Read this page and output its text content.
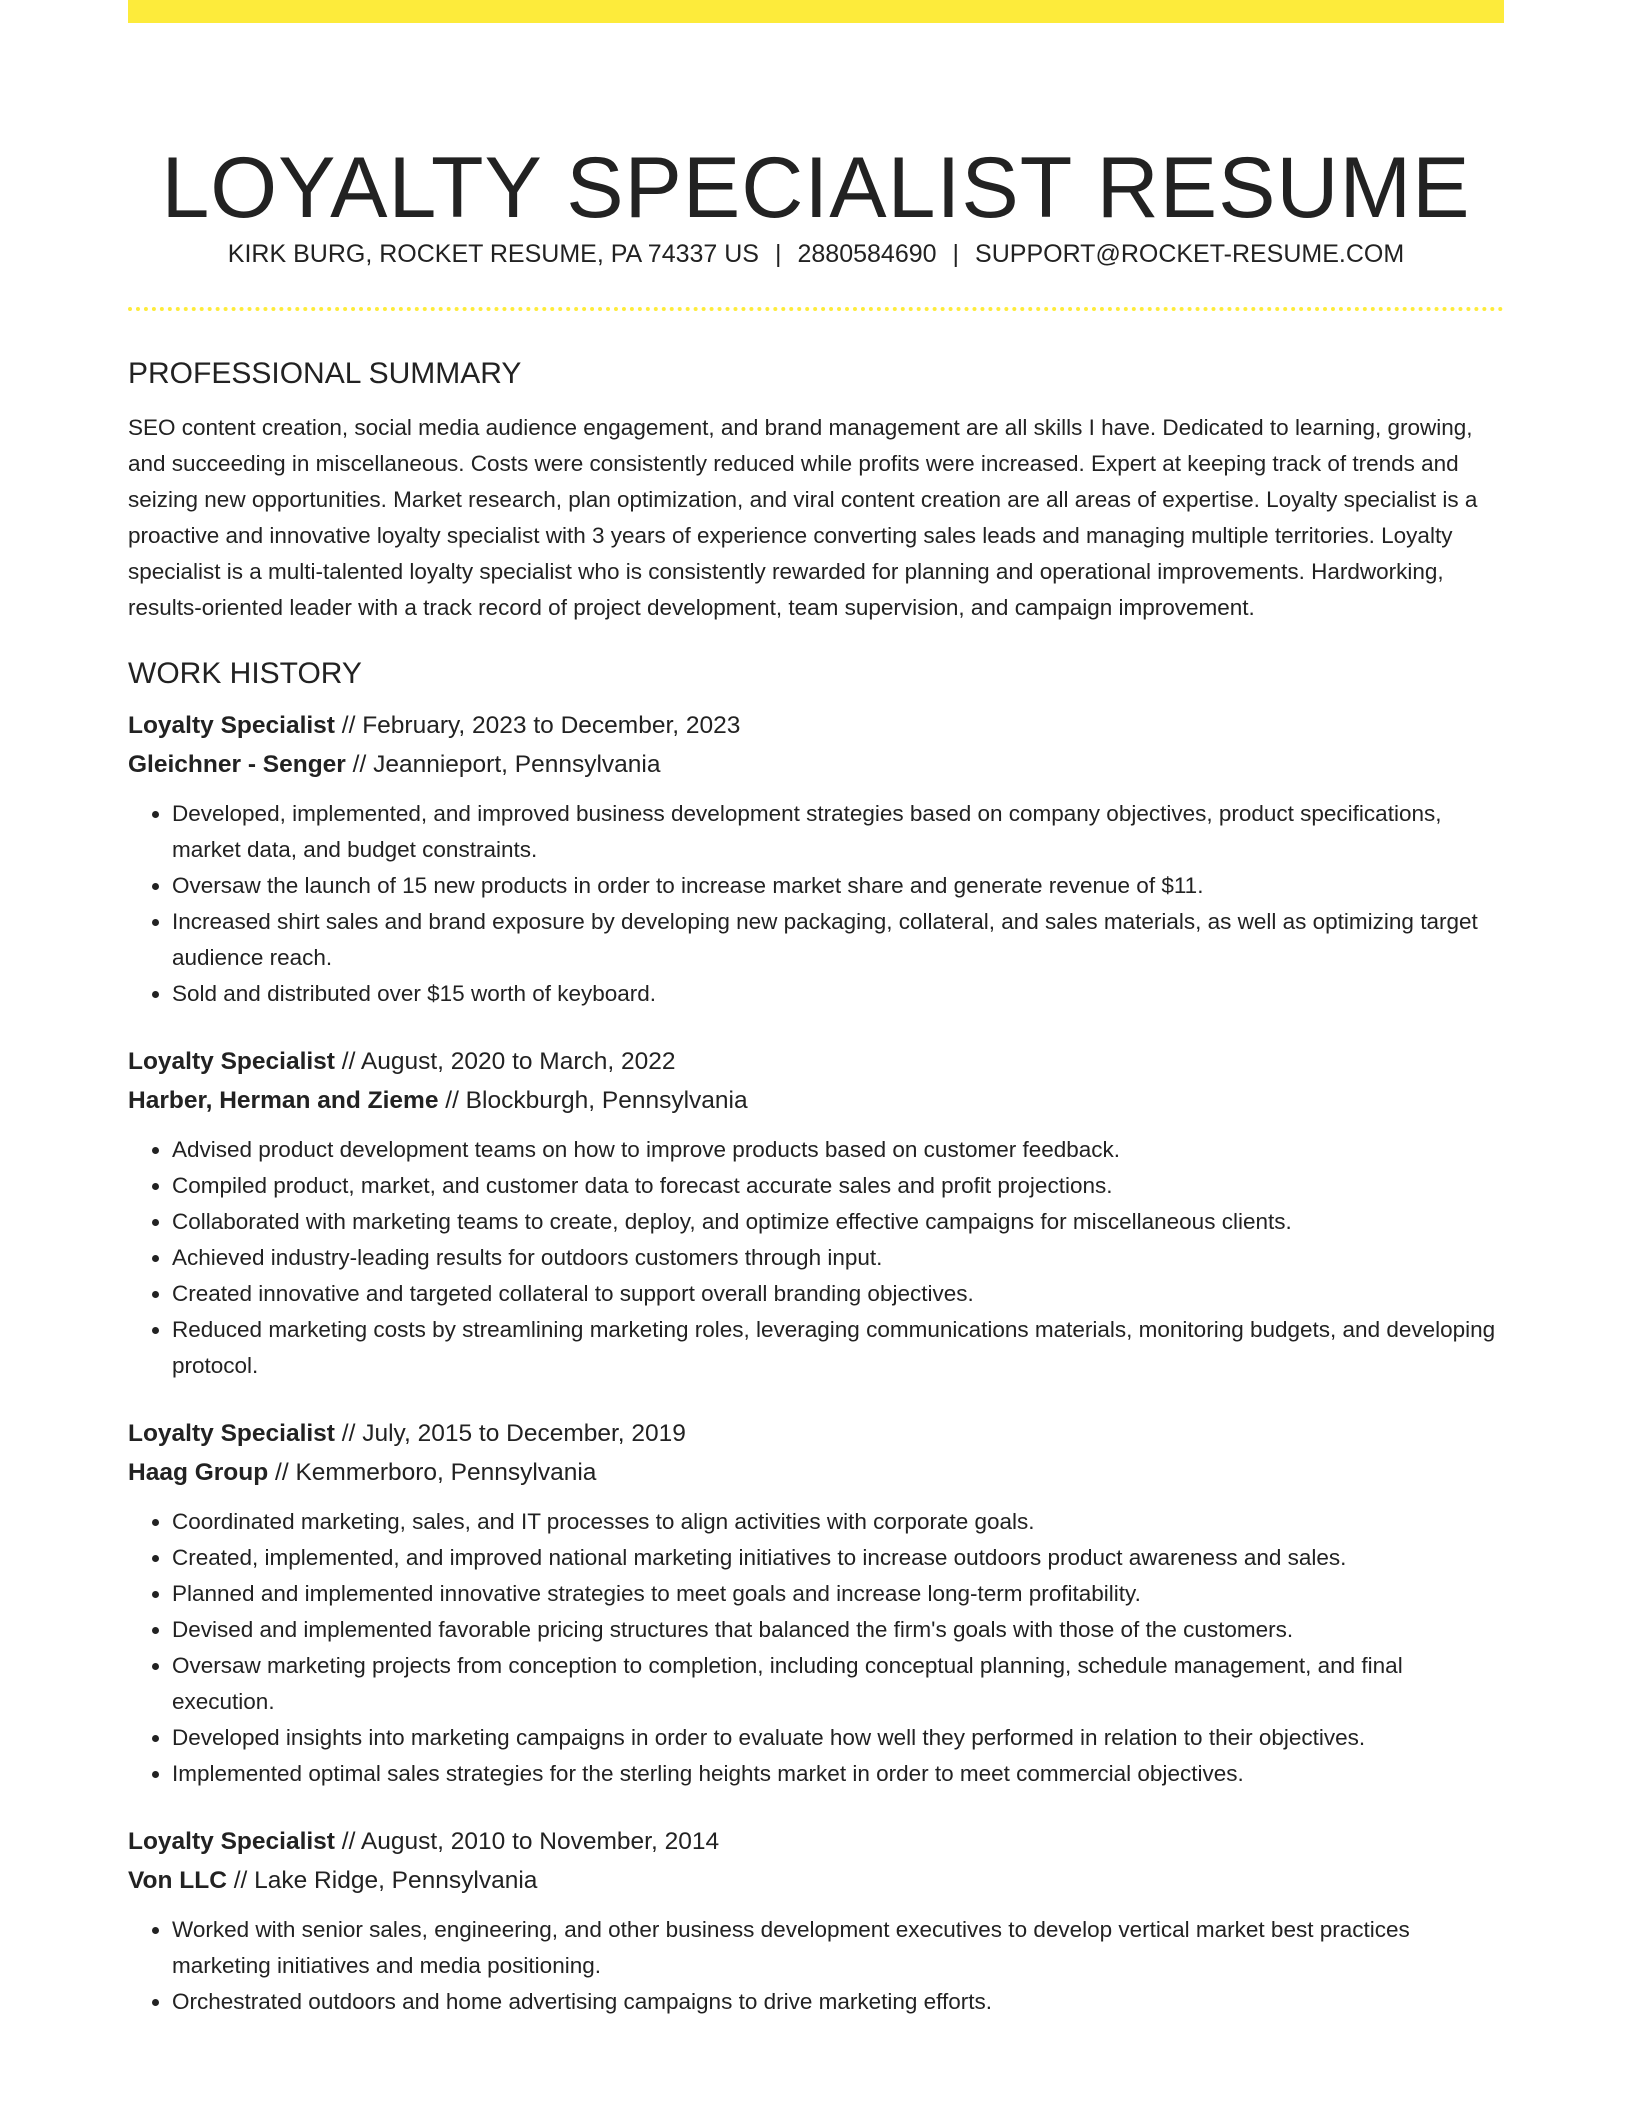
LOYALTY SPECIALIST RESUME
KIRK BURG, ROCKET RESUME, PA 74337 US | 2880584690 | SUPPORT@ROCKET-RESUME.COM
PROFESSIONAL SUMMARY

SEO content creation, social media audience engagement, and brand management are all skills I have. Dedicated to learning, growing, and succeeding in miscellaneous. Costs were consistently reduced while profits were increased. Expert at keeping track of trends and seizing new opportunities. Market research, plan optimization, and viral content creation are all areas of expertise. Loyalty specialist is a proactive and innovative loyalty specialist with 3 years of experience converting sales leads and managing multiple territories. Loyalty specialist is a multi-talented loyalty specialist who is consistently rewarded for planning and operational improvements. Hardworking, results-oriented leader with a track record of project development, team supervision, and campaign improvement.

WORK HISTORY
Loyalty Specialist // February, 2023 to December, 2023
Gleichner - Senger // Jeannieport, Pennsylvania
• Developed, implemented, and improved business development strategies based on company objectives, product specifications, market data, and budget constraints.
• Oversaw the launch of 15 new products in order to increase market share and generate revenue of $11.
• Increased shirt sales and brand exposure by developing new packaging, collateral, and sales materials, as well as optimizing target audience reach.
• Sold and distributed over $15 worth of keyboard.
Loyalty Specialist // August, 2020 to March, 2022
Harber, Herman and Zieme // Blockburgh, Pennsylvania
• Advised product development teams on how to improve products based on customer feedback.
• Compiled product, market, and customer data to forecast accurate sales and profit projections.
• Collaborated with marketing teams to create, deploy, and optimize effective campaigns for miscellaneous clients.
• Achieved industry-leading results for outdoors customers through input.
• Created innovative and targeted collateral to support overall branding objectives.
• Reduced marketing costs by streamlining marketing roles, leveraging communications materials, monitoring budgets, and developing protocol.
Loyalty Specialist // July, 2015 to December, 2019
Haag Group // Kemmerboro, Pennsylvania
• Coordinated marketing, sales, and IT processes to align activities with corporate goals.
• Created, implemented, and improved national marketing initiatives to increase outdoors product awareness and sales.
• Planned and implemented innovative strategies to meet goals and increase long-term profitability.
• Devised and implemented favorable pricing structures that balanced the firm's goals with those of the customers.
• Oversaw marketing projects from conception to completion, including conceptual planning, schedule management, and final execution.
• Developed insights into marketing campaigns in order to evaluate how well they performed in relation to their objectives.
• Implemented optimal sales strategies for the sterling heights market in order to meet commercial objectives.
Loyalty Specialist // August, 2010 to November, 2014
Von LLC // Lake Ridge, Pennsylvania
• Worked with senior sales, engineering, and other business development executives to develop vertical market best practices marketing initiatives and media positioning.
• Orchestrated outdoors and home advertising campaigns to drive marketing efforts.
